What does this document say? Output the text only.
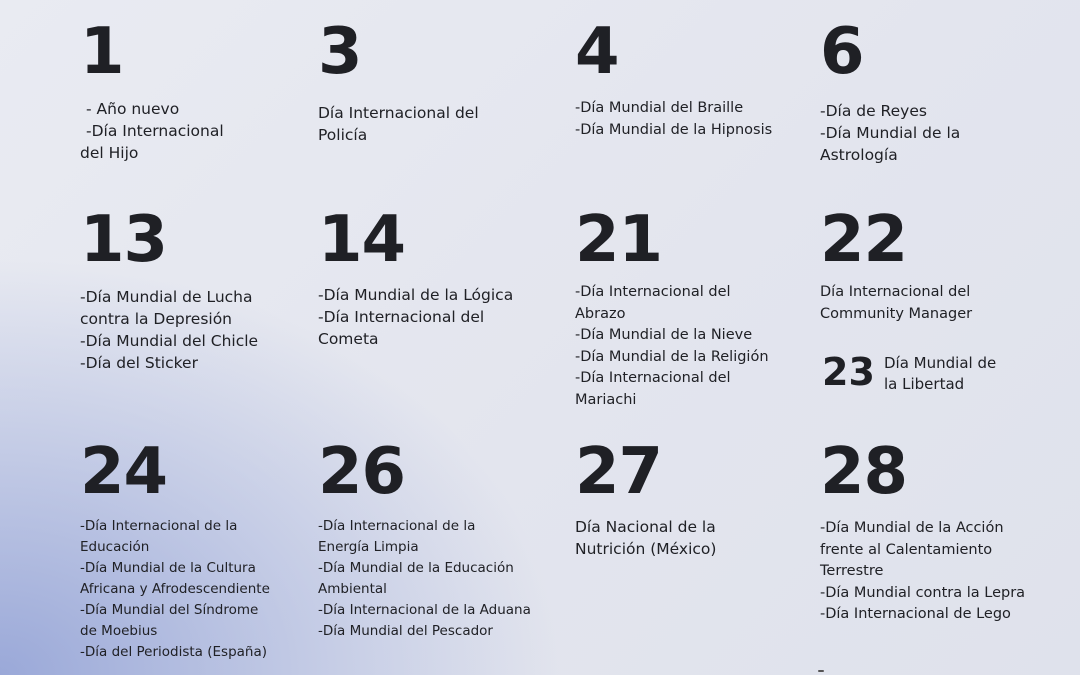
1
- Año nuevo
-Día Internacional
del Hijo
3
Día Internacional del
Policía
4
-Día Mundial del Braille
-Día Mundial de la Hipnosis
6
-Día de Reyes
-Día Mundial de la
Astrología
13
-Día Mundial de Lucha
contra la Depresión
-Día Mundial del Chicle
-Día del Sticker
14
-Día Mundial de la Lógica
-Día Internacional del
Cometa
21
-Día Internacional del
Abrazo
-Día Mundial de la Nieve
-Día Mundial de la Religión
-Día Internacional del
Mariachi
22
Día Internacional del
Community Manager
23 Día Mundial de
la Libertad
24
-Día Internacional de la
Educación
-Día Mundial de la Cultura
Africana y Afrodescendiente
-Día Mundial del Síndrome
de Moebius
-Día del Periodista (España)
26
-Día Internacional de la
Energía Limpia
-Día Mundial de la Educación
Ambiental
-Día Internacional de la Aduana
-Día Mundial del Pescador
27
Día Nacional de la
Nutrición (México)
28
-Día Mundial de la Acción
frente al Calentamiento
Terrestre
-Día Mundial contra la Lepra
-Día Internacional de Lego
